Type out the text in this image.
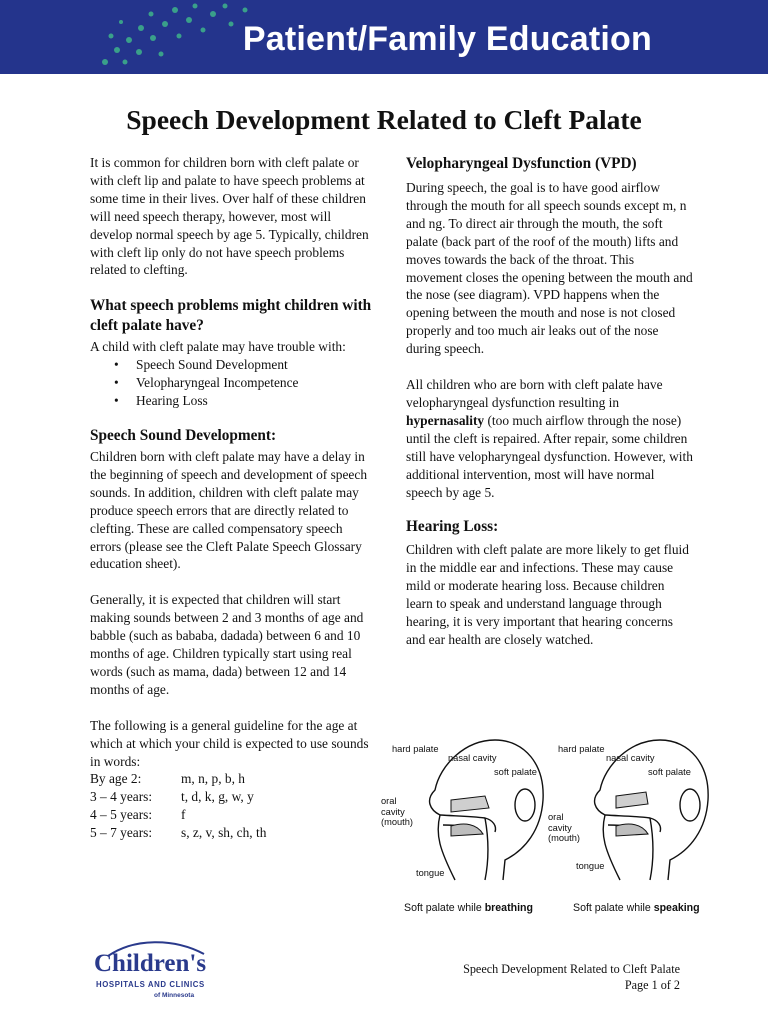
Patient/Family Education
Speech Development Related to Cleft Palate

It is common for children born with cleft palate or with cleft lip and palate to have speech problems at some time in their lives. Over half of these children will need speech therapy, however, most will develop normal speech by age 5. Typically, children with cleft lip only do not have speech problems related to clefting.

What speech problems might children with cleft palate have?

A child with cleft palate may have trouble with:

• Speech Sound Development
• Velopharyngeal Incompetence
• Hearing Loss

Speech Sound Development:

Children born with cleft palate may have a delay in the beginning of speech and development of speech sounds. In addition, children with cleft palate may produce speech errors that are directly related to clefting. These are called compensatory speech errors (please see the Cleft Palate Speech Glossary education sheet).

Generally, it is expected that children will start making sounds between 2 and 3 months of age and babble (such as bababa, dadada) between 6 and 10 months of age. Children typically start using real words (such as mama, dada) between 12 and 14 months of age.

The following is a general guideline for the age at which at which your child is expected to use sounds in words:

By age 2:	m, n, p, b, h
3 – 4 years:	t, d, k, g, w, y
4 – 5 years:	f
5 – 7 years:	s, z, v, sh, ch, th

Velopharyngeal Dysfunction (VPD)

During speech, the goal is to have good airflow through the mouth for all speech sounds except m, n and ng. To direct air through the mouth, the soft palate (back part of the roof of the mouth) lifts and moves towards the back of the throat. This movement closes the opening between the mouth and the nose (see diagram). VPD happens when the opening between the mouth and nose is not closed properly and too much air leaks out of the nose during speech.

All children who are born with cleft palate have velopharyngeal dysfunction resulting in hypernasality (too much airflow through the nose) until the cleft is repaired. After repair, some children still have velopharyngeal dysfunction. However, with additional intervention, most will have normal speech by age 5.

Hearing Loss:

Children with cleft palate are more likely to get fluid in the middle ear and infections. These may cause mild or moderate hearing loss. Because children learn to speak and understand language through hearing, it is very important that hearing concerns and ear health are closely watched.

hard palate
nasal cavity
soft palate
oral cavity (mouth)
tongue
Soft palate while breathing
hard palate
nasal cavity
soft palate
oral cavity (mouth)
tongue
Soft palate while speaking
Children's
HOSPITALS AND CLINICS
of Minnesota
Speech Development Related to Cleft Palate
Page 1 of 2
